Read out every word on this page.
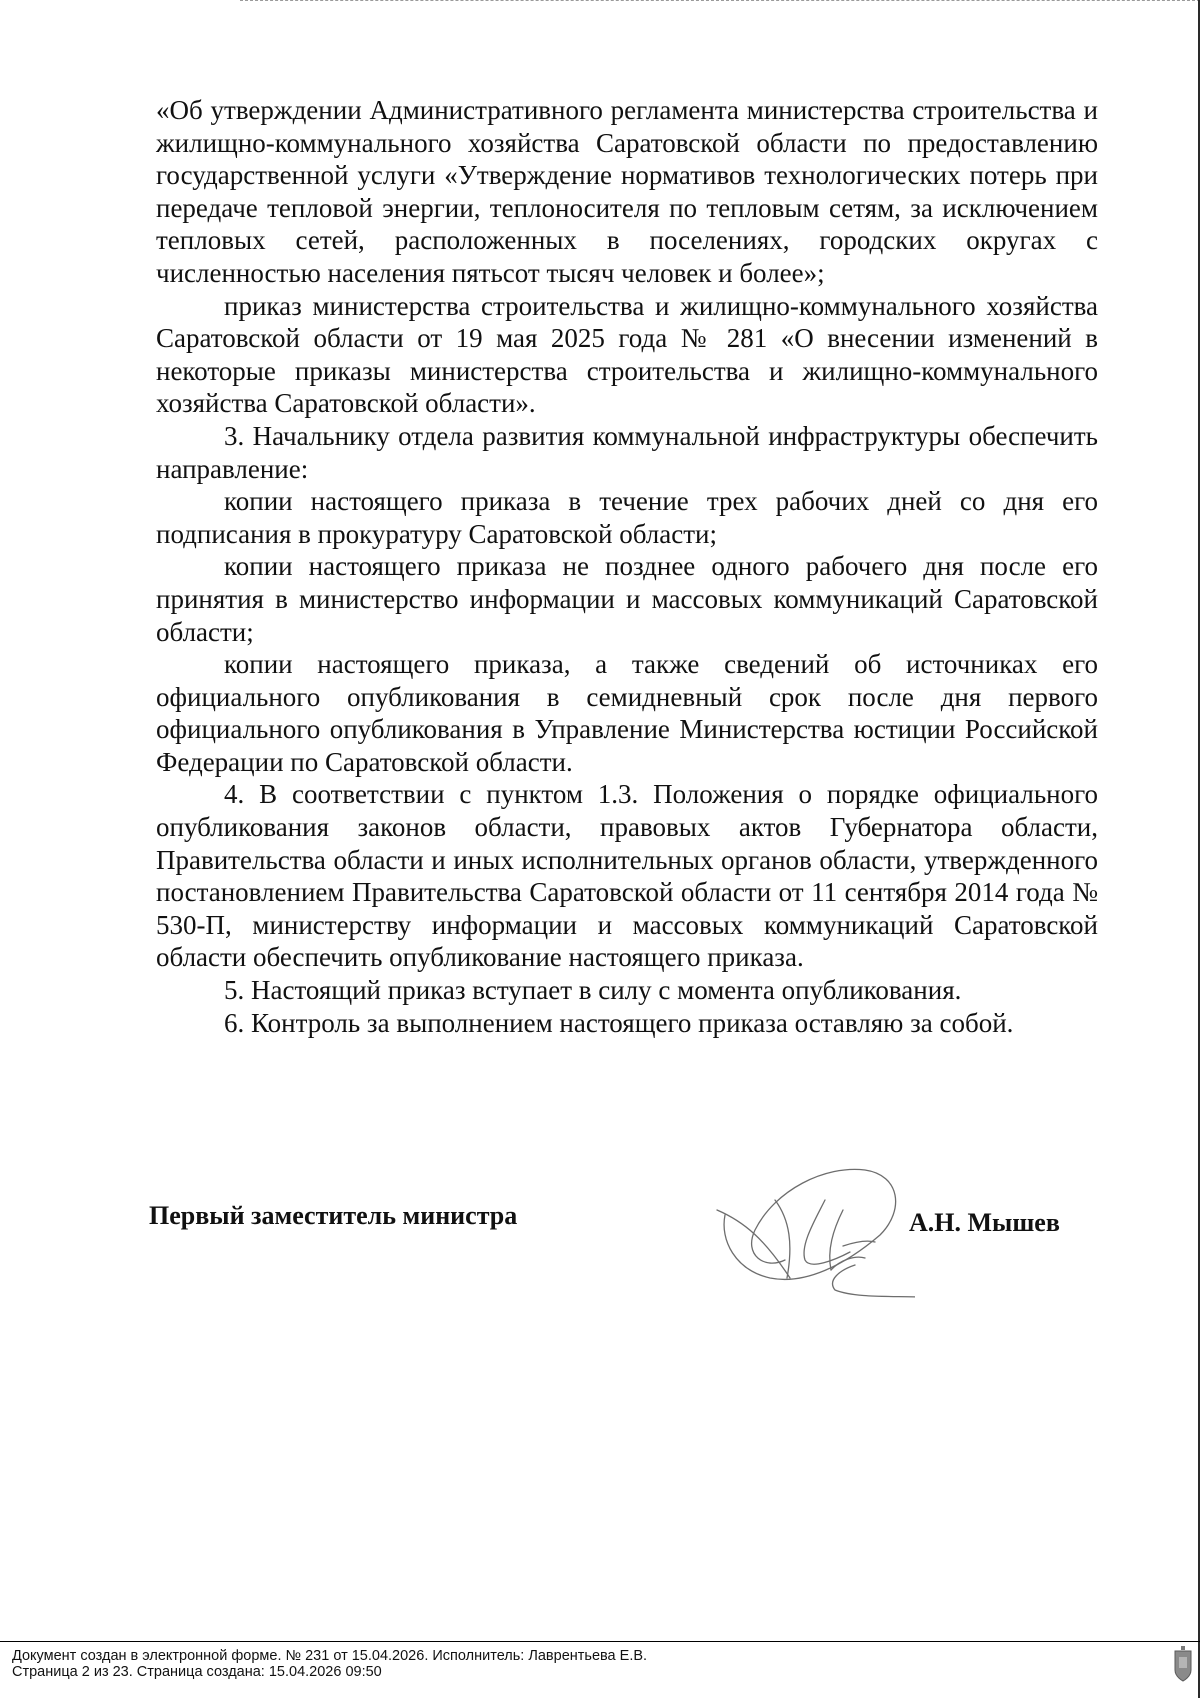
«Об утверждении Административного регламента министерства строительства и жилищно-коммунального хозяйства Саратовской области по предоставлению государственной услуги «Утверждение нормативов технологических потерь при передаче тепловой энергии, теплоносителя по тепловым сетям, за исключением тепловых сетей, расположенных в поселениях, городских округах с численностью населения пятьсот тысяч человек и более»;

приказ министерства строительства и жилищно-коммунального хозяйства Саратовской области от 19 мая 2025 года № 281 «О внесении изменений в некоторые приказы министерства строительства и жилищно-коммунального хозяйства Саратовской области».

3. Начальнику отдела развития коммунальной инфраструктуры обеспечить направление:

копии настоящего приказа в течение трех рабочих дней со дня его подписания в прокуратуру Саратовской области;

копии настоящего приказа не позднее одного рабочего дня после его принятия в министерство информации и массовых коммуникаций Саратовской области;

копии настоящего приказа, а также сведений об источниках его официального опубликования в семидневный срок после дня первого официального опубликования в Управление Министерства юстиции Российской Федерации по Саратовской области.

4. В соответствии с пунктом 1.3. Положения о порядке официального опубликования законов области, правовых актов Губернатора области, Правительства области и иных исполнительных органов области, утвержденного постановлением Правительства Саратовской области от 11 сентября 2014 года № 530-П, министерству информации и массовых коммуникаций Саратовской области обеспечить опубликование настоящего приказа.

5. Настоящий приказ вступает в силу с момента опубликования.

6. Контроль за выполнением настоящего приказа оставляю за собой.

Первый заместитель министра	А.Н. Мышев
Документ создан в электронной форме. № 231 от 15.04.2026. Исполнитель: Лаврентьева Е.В.
Страница 2 из 23. Страница создана: 15.04.2026 09:50
